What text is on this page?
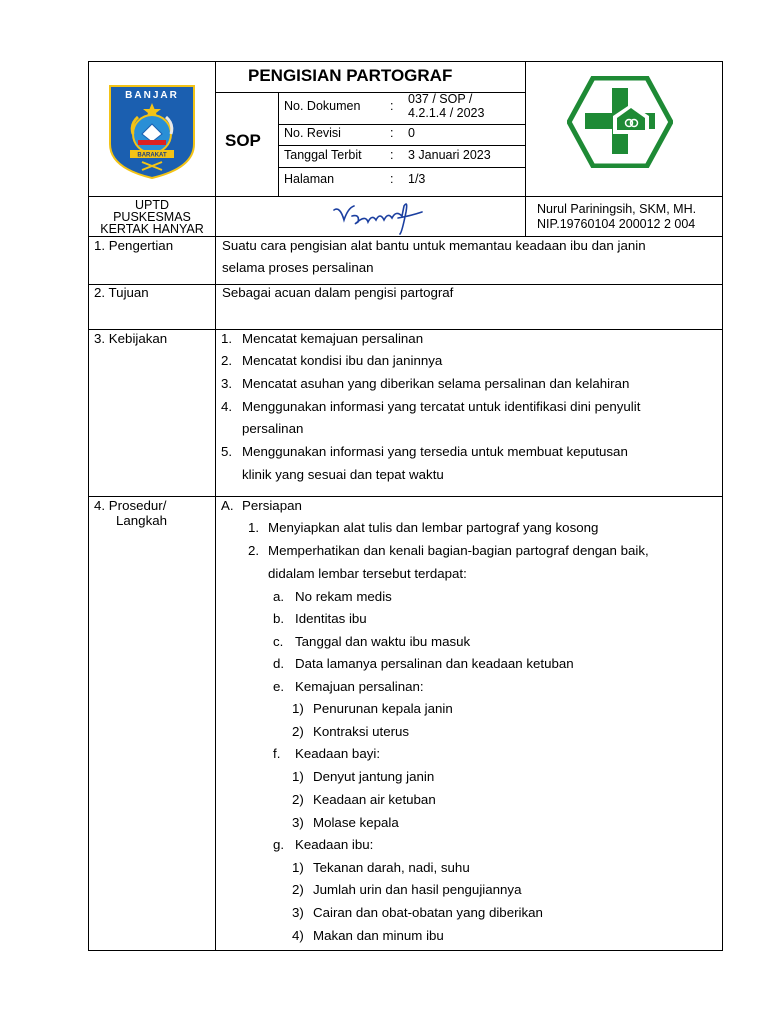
BANJAR
BARAKAT
PENGISIAN PARTOGRAF
SOP
No. Dokumen : 037 / SOP /
4.2.1.4 / 2023
No. Revisi	: 0
Tanggal Terbit : 3 Januari 2023
Halaman	: 1/3
UPTD
PUSKESMAS
KERTAK HANYAR
Nurul Pariningsih, SKM, MH.
NIP.19760104 200012 2 004
1. Pengertian	Suatu cara pengisian alat bantu untuk memantau keadaan ibu dan janin
selama proses persalinan
2. Tujuan	Sebagai acuan dalam pengisi partograf
3. Kebijakan	1. Mencatat kemajuan persalinan
2. Mencatat kondisi ibu dan janinnya
3. Mencatat asuhan yang diberikan selama persalinan dan kelahiran
4. Menggunakan informasi yang tercatat untuk identifikasi dini penyulit
persalinan
5. Menggunakan informasi yang tersedia untuk membuat keputusan
klinik yang sesuai dan tepat waktu
4. Prosedur/
Langkah
A. Persiapan
1. Menyiapkan alat tulis dan lembar partograf yang kosong
2. Memperhatikan dan kenali bagian-bagian partograf dengan baik,
didalam lembar tersebut terdapat:
a. No rekam medis
b. Identitas ibu
c. Tanggal dan waktu ibu masuk
d. Data lamanya persalinan dan keadaan ketuban
e. Kemajuan persalinan:
1) Penurunan kepala janin
2) Kontraksi uterus
f. Keadaan bayi:
1) Denyut jantung janin
2) Keadaan air ketuban
3) Molase kepala
g. Keadaan ibu:
1) Tekanan darah, nadi, suhu
2) Jumlah urin dan hasil pengujiannya
3) Cairan dan obat-obatan yang diberikan
4) Makan dan minum ibu
